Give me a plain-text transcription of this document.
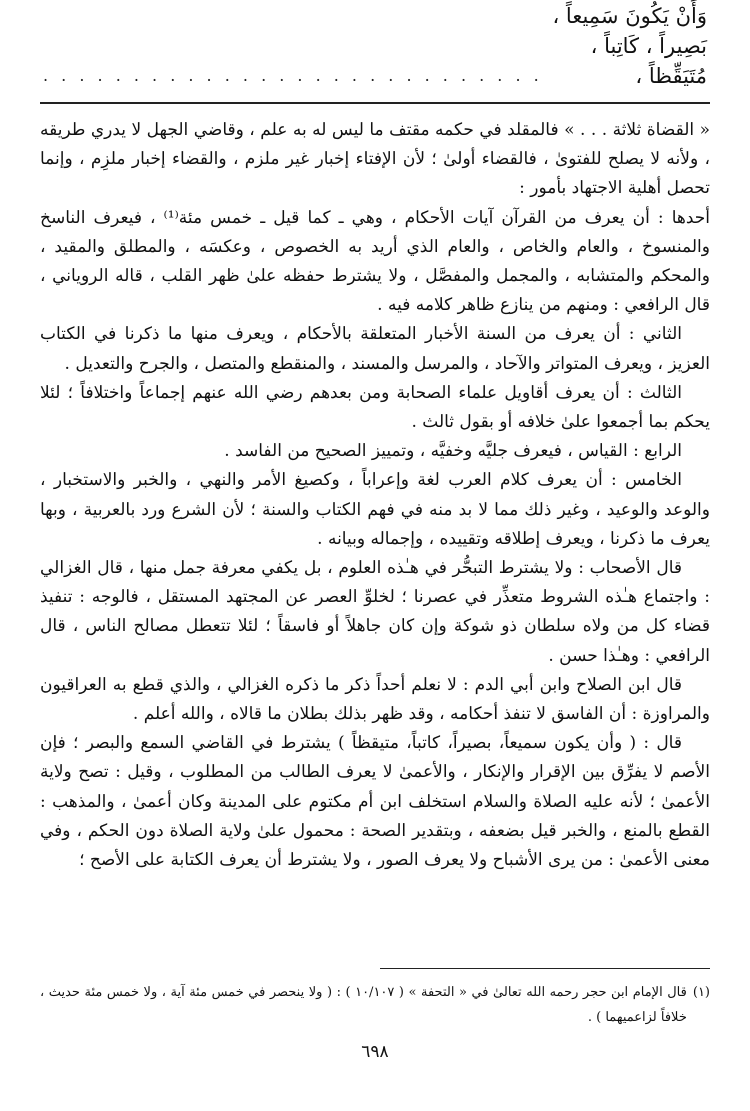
وَأَنْ يَكُونَ سَمِيعاً ، بَصِيراً ، كَاتِباً ، مُتَيَقِّظاً ،
. . . . . . . . . . . . . . . . . . . . . . . . . . . .

« القضاة ثلاثة . . . » فالمقلد في حكمه مقتف ما ليس له به علم ، وقاضي الجهل لا يدري طريقه ، ولأنه لا يصلح للفتوىٰ ، فالقضاء أولىٰ ؛ لأن الإفتاء إخبار غير ملزم ، والقضاء إخبار ملزِم ، وإنما تحصل أهلية الاجتهاد بأمور :

أحدها : أن يعرف من القرآن آيات الأحكام ، وهي ـ كما قيل ـ خمس مئة⁽¹⁾ ، فيعرف الناسخ والمنسوخ ، والعام والخاص ، والعام الذي أريد به الخصوص ، وعكسَه ، والمطلق والمقيد ، والمحكم والمتشابه ، والمجمل والمفصَّل ، ولا يشترط حفظه علىٰ ظهر القلب ، قاله الروياني ، قال الرافعي : ومنهم من ينازع ظاهر كلامه فيه .

الثاني : أن يعرف من السنة الأخبار المتعلقة بالأحكام ، ويعرف منها ما ذكرنا في الكتاب العزيز ، ويعرف المتواتر والآحاد ، والمرسل والمسند ، والمنقطع والمتصل ، والجرح والتعديل .

الثالث : أن يعرف أقاويل علماء الصحابة ومن بعدهم رضي الله عنهم إجماعاً واختلافاً ؛ لئلا يحكم بما أجمعوا علىٰ خلافه أو بقول ثالث .

الرابع : القياس ، فيعرف جليَّه وخفيَّه ، وتمييز الصحيح من الفاسد .

الخامس : أن يعرف كلام العرب لغة وإعراباً ، وكصيغ الأمر والنهي ، والخبر والاستخبار ، والوعد والوعيد ، وغير ذلك مما لا بد منه في فهم الكتاب والسنة ؛ لأن الشرع ورد بالعربية ، وبها يعرف ما ذكرنا ، ويعرف إطلاقه وتقييده ، وإجماله وبيانه .

قال الأصحاب : ولا يشترط التبحُّر في هـٰذه العلوم ، بل يكفي معرفة جمل منها ، قال الغزالي : واجتماع هـٰذه الشروط متعذِّر في عصرنا ؛ لخلوِّ العصر عن المجتهد المستقل ، فالوجه : تنفيذ قضاء كل من ولاه سلطان ذو شوكة وإن كان جاهلاً أو فاسقاً ؛ لئلا تتعطل مصالح الناس ، قال الرافعي : وهـٰذا حسن .

قال ابن الصلاح وابن أبي الدم : لا نعلم أحداً ذكر ما ذكره الغزالي ، والذي قطع به العراقيون والمراوزة : أن الفاسق لا تنفذ أحكامه ، وقد ظهر بذلك بطلان ما قالاه ، والله أعلم .

قال : ( وأن يكون سميعاً، بصيراً، كاتباً، متيقظاً ) يشترط في القاضي السمع والبصر ؛ فإن الأصم لا يفرِّق بين الإقرار والإنكار ، والأعمىٰ لا يعرف الطالب من المطلوب ، وقيل : تصح ولاية الأعمىٰ ؛ لأنه عليه الصلاة والسلام استخلف ابن أم مكتوم على المدينة وكان أعمىٰ ، والمذهب : القطع بالمنع ، والخبر قيل بضعفه ، وبتقدير الصحة : محمول علىٰ ولاية الصلاة دون الحكم ، وفي معنى الأعمىٰ : من يرى الأشباح ولا يعرف الصور ، ولا يشترط أن يعرف الكتابة على الأصح ؛

(١)
قال الإمام ابن حجر رحمه الله تعالىٰ في « التحفة » ( ١٠/١٠٧ ) : ( ولا ينحصر في خمس مئة آية ، ولا خمس مئة حديث ، خلافاً لزاعميهما ) .
٦٩٨
